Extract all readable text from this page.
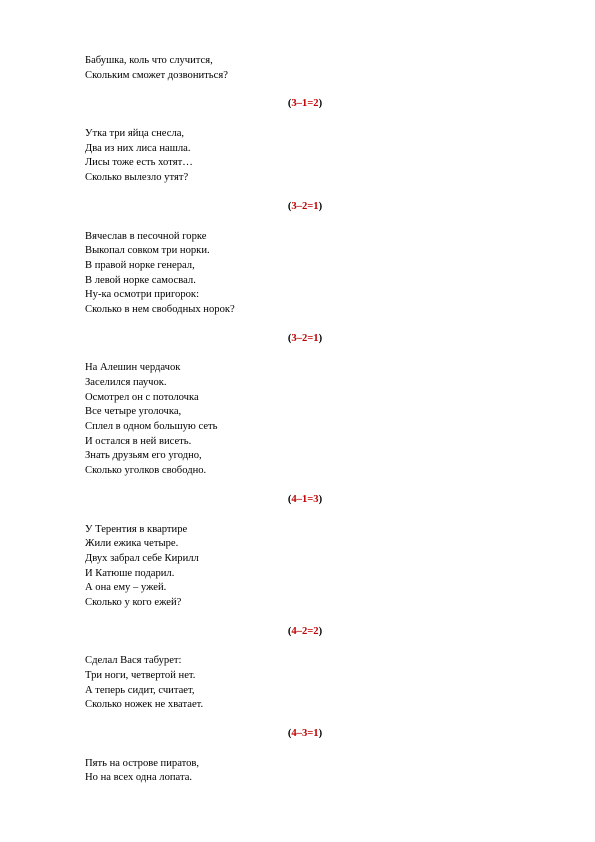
Бабушка, коль что случится,
Скольким сможет дозвониться?
(3–1=2)
Утка три яйца снесла,
Два из них лиса нашла.
Лисы тоже есть хотят…
Сколько вылезло утят?
(3–2=1)
Вячеслав в песочной горке
Выкопал совком три норки.
В правой норке генерал,
В левой норке самосвал.
Ну-ка осмотри пригорок:
Сколько в нем свободных норок?
(3–2=1)
На Алешин чердачок
Заселился паучок.
Осмотрел он с потолочка
Все четыре уголочка,
Сплел в одном большую сеть
И остался в ней висеть.
Знать друзьям его угодно,
Сколько уголков свободно.
(4–1=3)
У Терентия в квартире
Жили ежика четыре.
Двух забрал себе Кирилл
И Катюше подарил.
А она ему – ужей.
Сколько у кого ежей?
(4–2=2)
Сделал Вася табурет:
Три ноги, четвертой нет.
А теперь сидит, считает,
Сколько ножек не хватает.
(4–3=1)
Пять на острове пиратов,
Но на всех одна лопата.
